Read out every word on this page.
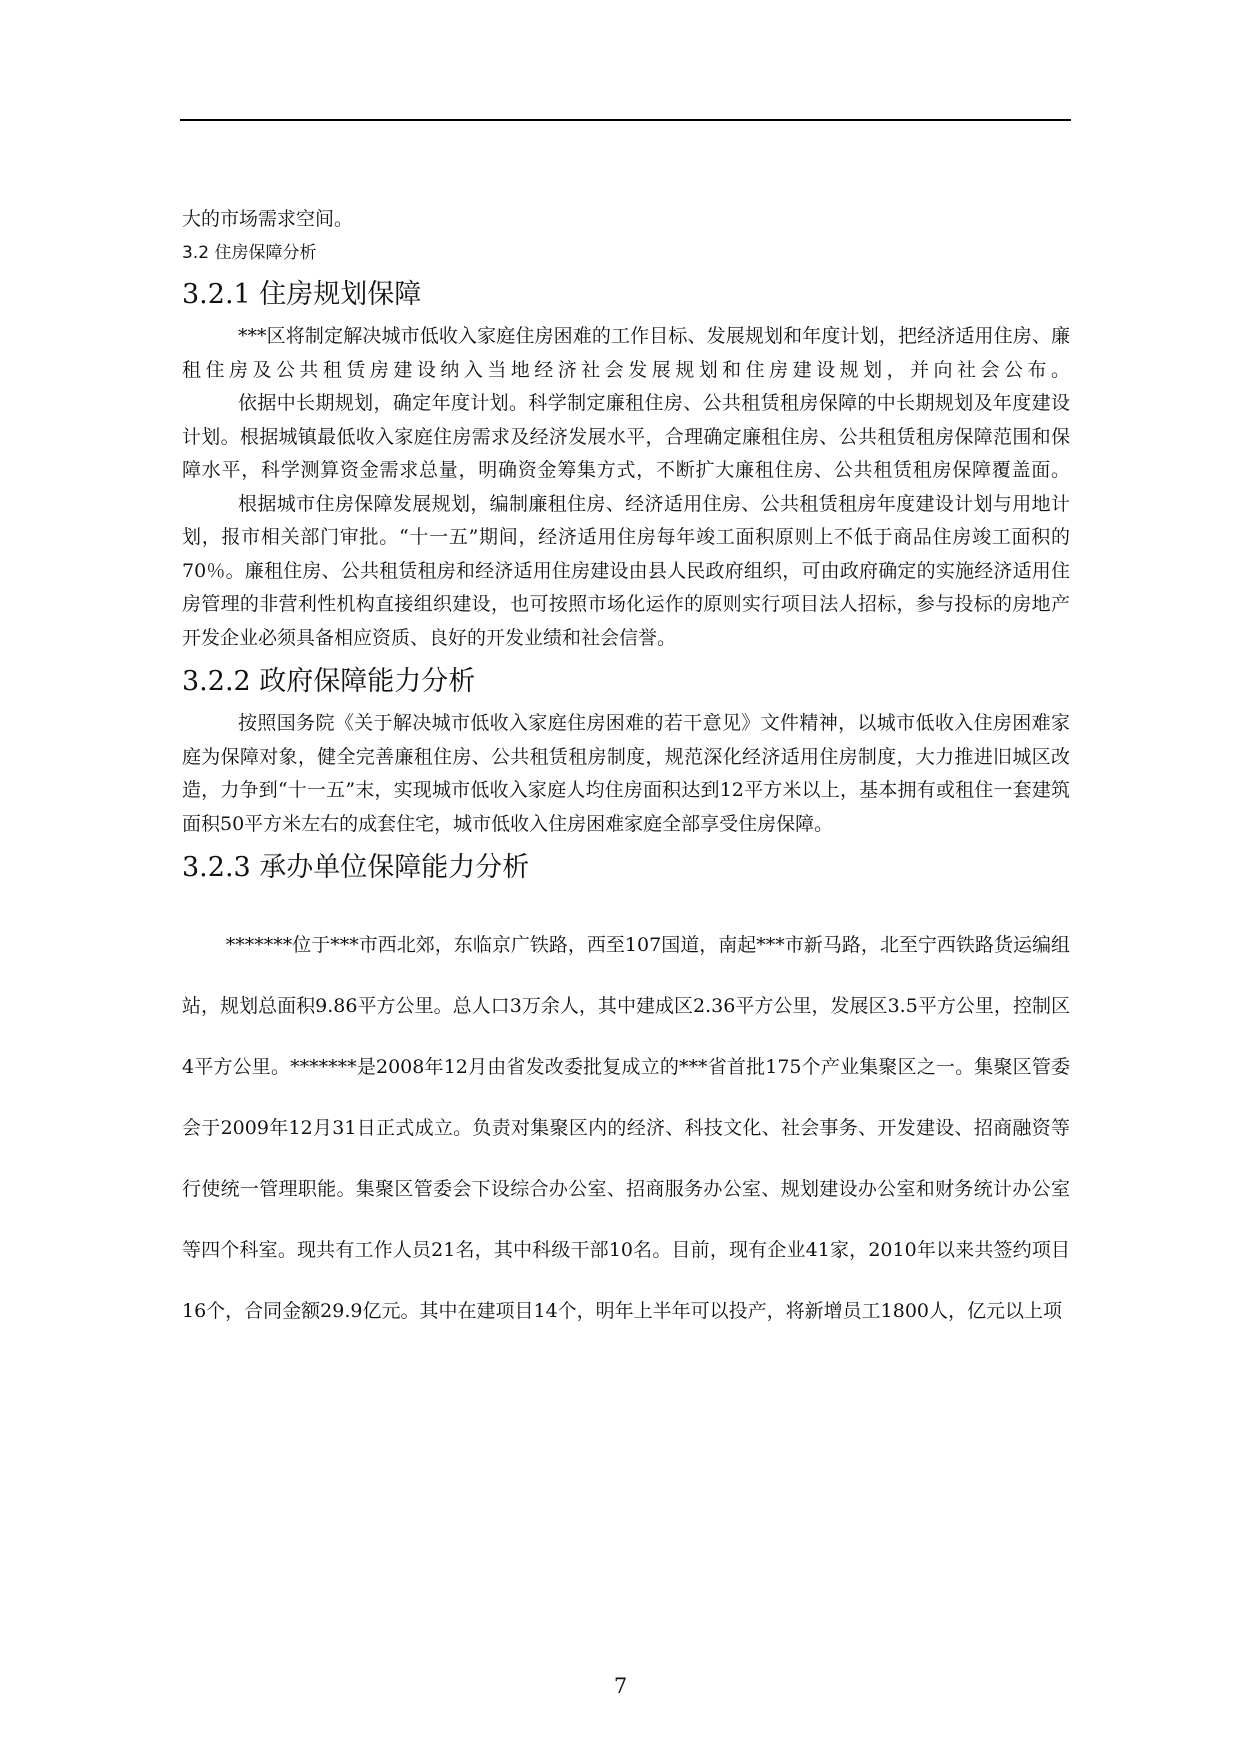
大的市场需求空间。

3.2 住房保障分析

3.2.1 住房规划保障

***区将制定解决城市低收入家庭住房困难的工作目标、发展规划和年度计划，把经济适用住房、廉租住房及公共租赁房建设纳入当地经济社会发展规划和住房建设规划，并向社会公布。

依据中长期规划，确定年度计划。科学制定廉租住房、公共租赁租房保障的中长期规划及年度建设计划。根据城镇最低收入家庭住房需求及经济发展水平，合理确定廉租住房、公共租赁租房保障范围和保障水平，科学测算资金需求总量，明确资金筹集方式，不断扩大廉租住房、公共租赁租房保障覆盖面。

根据城市住房保障发展规划，编制廉租住房、经济适用住房、公共租赁租房年度建设计划与用地计划，报市相关部门审批。“十一五”期间，经济适用住房每年竣工面积原则上不低于商品住房竣工面积的70％。廉租住房、公共租赁租房和经济适用住房建设由县人民政府组织，可由政府确定的实施经济适用住房管理的非营利性机构直接组织建设，也可按照市场化运作的原则实行项目法人招标，参与投标的房地产开发企业必须具备相应资质、良好的开发业绩和社会信誉。

3.2.2 政府保障能力分析

按照国务院《关于解决城市低收入家庭住房困难的若干意见》文件精神，以城市低收入住房困难家庭为保障对象，健全完善廉租住房、公共租赁租房制度，规范深化经济适用住房制度，大力推进旧城区改造，力争到“十一五”末，实现城市低收入家庭人均住房面积达到12平方米以上，基本拥有或租住一套建筑面积50平方米左右的成套住宅，城市低收入住房困难家庭全部享受住房保障。

3.2.3 承办单位保障能力分析

*******位于***市西北郊，东临京广铁路，西至107国道，南起***市新马路，北至宁西铁路货运编组站，规划总面积9.86平方公里。总人口3万余人，其中建成区2.36平方公里，发展区3.5平方公里，控制区4平方公里。*******是2008年12月由省发改委批复成立的***省首批175个产业集聚区之一。集聚区管委会于2009年12月31日正式成立。负责对集聚区内的经济、科技文化、社会事务、开发建设、招商融资等行使统一管理职能。集聚区管委会下设综合办公室、招商服务办公室、规划建设办公室和财务统计办公室等四个科室。现共有工作人员21名，其中科级干部10名。目前，现有企业41家，2010年以来共签约项目16个，合同金额29.9亿元。其中在建项目14个，明年上半年可以投产，将新增员工1800人，亿元以上项

7
